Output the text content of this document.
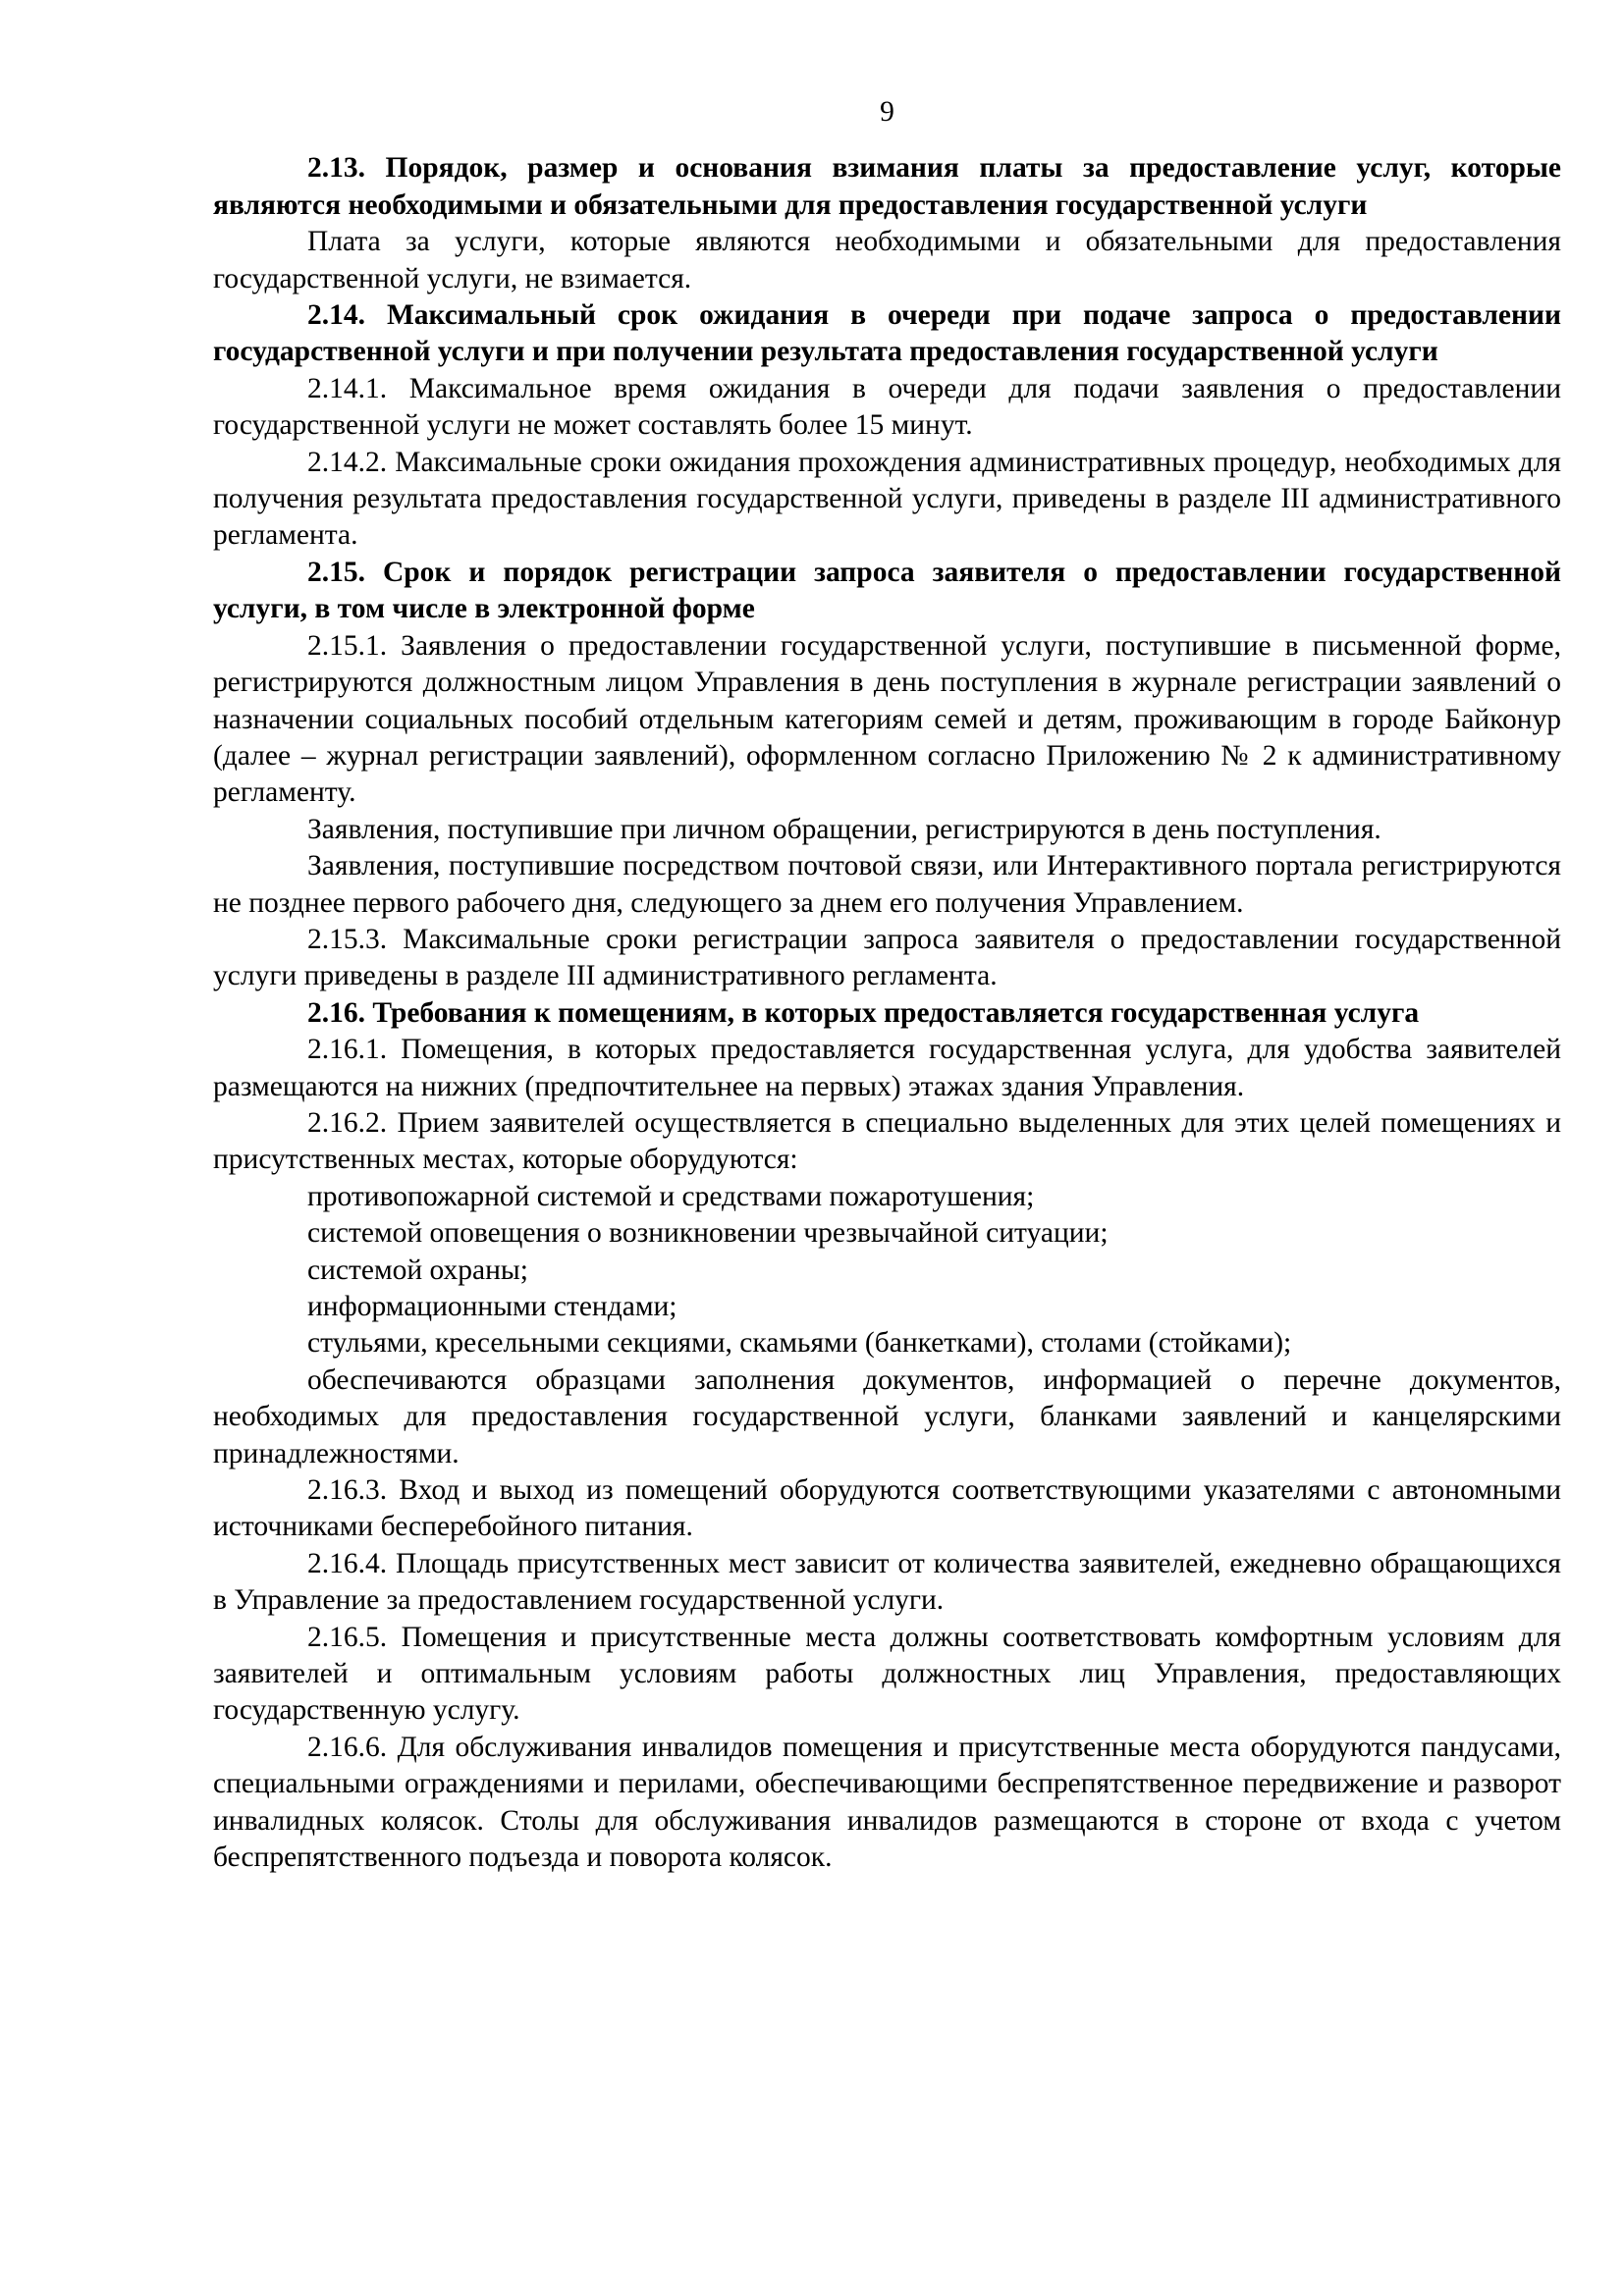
9

2.13. Порядок, размер и основания взимания платы за предоставление услуг, которые являются необходимыми и обязательными для предоставления государственной услуги

Плата за услуги, которые являются необходимыми и обязательными для предоставления государственной услуги, не взимается.

2.14. Максимальный срок ожидания в очереди при подаче запроса о предоставлении государственной услуги и при получении результата предоставления государственной услуги

2.14.1. Максимальное время ожидания в очереди для подачи заявления о предоставлении государственной услуги не может составлять более 15 минут.

2.14.2. Максимальные сроки ожидания прохождения административных процедур, необходимых для получения результата предоставления государственной услуги, приведены в разделе III административного регламента.

2.15. Срок и порядок регистрации запроса заявителя о предоставлении государственной услуги, в том числе в электронной форме

2.15.1. Заявления о предоставлении государственной услуги, поступившие в письменной форме, регистрируются должностным лицом Управления в день поступления в журнале регистрации заявлений о назначении социальных пособий отдельным категориям семей и детям, проживающим в городе Байконур (далее – журнал регистрации заявлений), оформленном согласно Приложению № 2 к административному регламенту.

Заявления, поступившие при личном обращении, регистрируются в день поступления.

Заявления, поступившие посредством почтовой связи, или Интерактивного портала регистрируются не позднее первого рабочего дня, следующего за днем его получения Управлением.

2.15.3. Максимальные сроки регистрации запроса заявителя о предоставлении государственной услуги приведены в разделе III административного регламента.

2.16. Требования к помещениям, в которых предоставляется государственная услуга

2.16.1. Помещения, в которых предоставляется государственная услуга, для удобства заявителей размещаются на нижних (предпочтительнее на первых) этажах здания Управления.

2.16.2. Прием заявителей осуществляется в специально выделенных для этих целей помещениях и присутственных местах, которые оборудуются:

противопожарной системой и средствами пожаротушения;

системой оповещения о возникновении чрезвычайной ситуации;

системой охраны;

информационными стендами;

стульями, кресельными секциями, скамьями (банкетками), столами (стойками);

обеспечиваются образцами заполнения документов, информацией о перечне документов, необходимых для предоставления государственной услуги, бланками заявлений и канцелярскими принадлежностями.

2.16.3. Вход и выход из помещений оборудуются соответствующими указателями с автономными источниками бесперебойного питания.

2.16.4. Площадь присутственных мест зависит от количества заявителей, ежедневно обращающихся в Управление за предоставлением государственной услуги.

2.16.5. Помещения и присутственные места должны соответствовать комфортным условиям для заявителей и оптимальным условиям работы должностных лиц Управления, предоставляющих государственную услугу.

2.16.6. Для обслуживания инвалидов помещения и присутственные места оборудуются пандусами, специальными ограждениями и перилами, обеспечивающими беспрепятственное передвижение и разворот инвалидных колясок. Столы для обслуживания инвалидов размещаются в стороне от входа с учетом беспрепятственного подъезда и поворота колясок.
